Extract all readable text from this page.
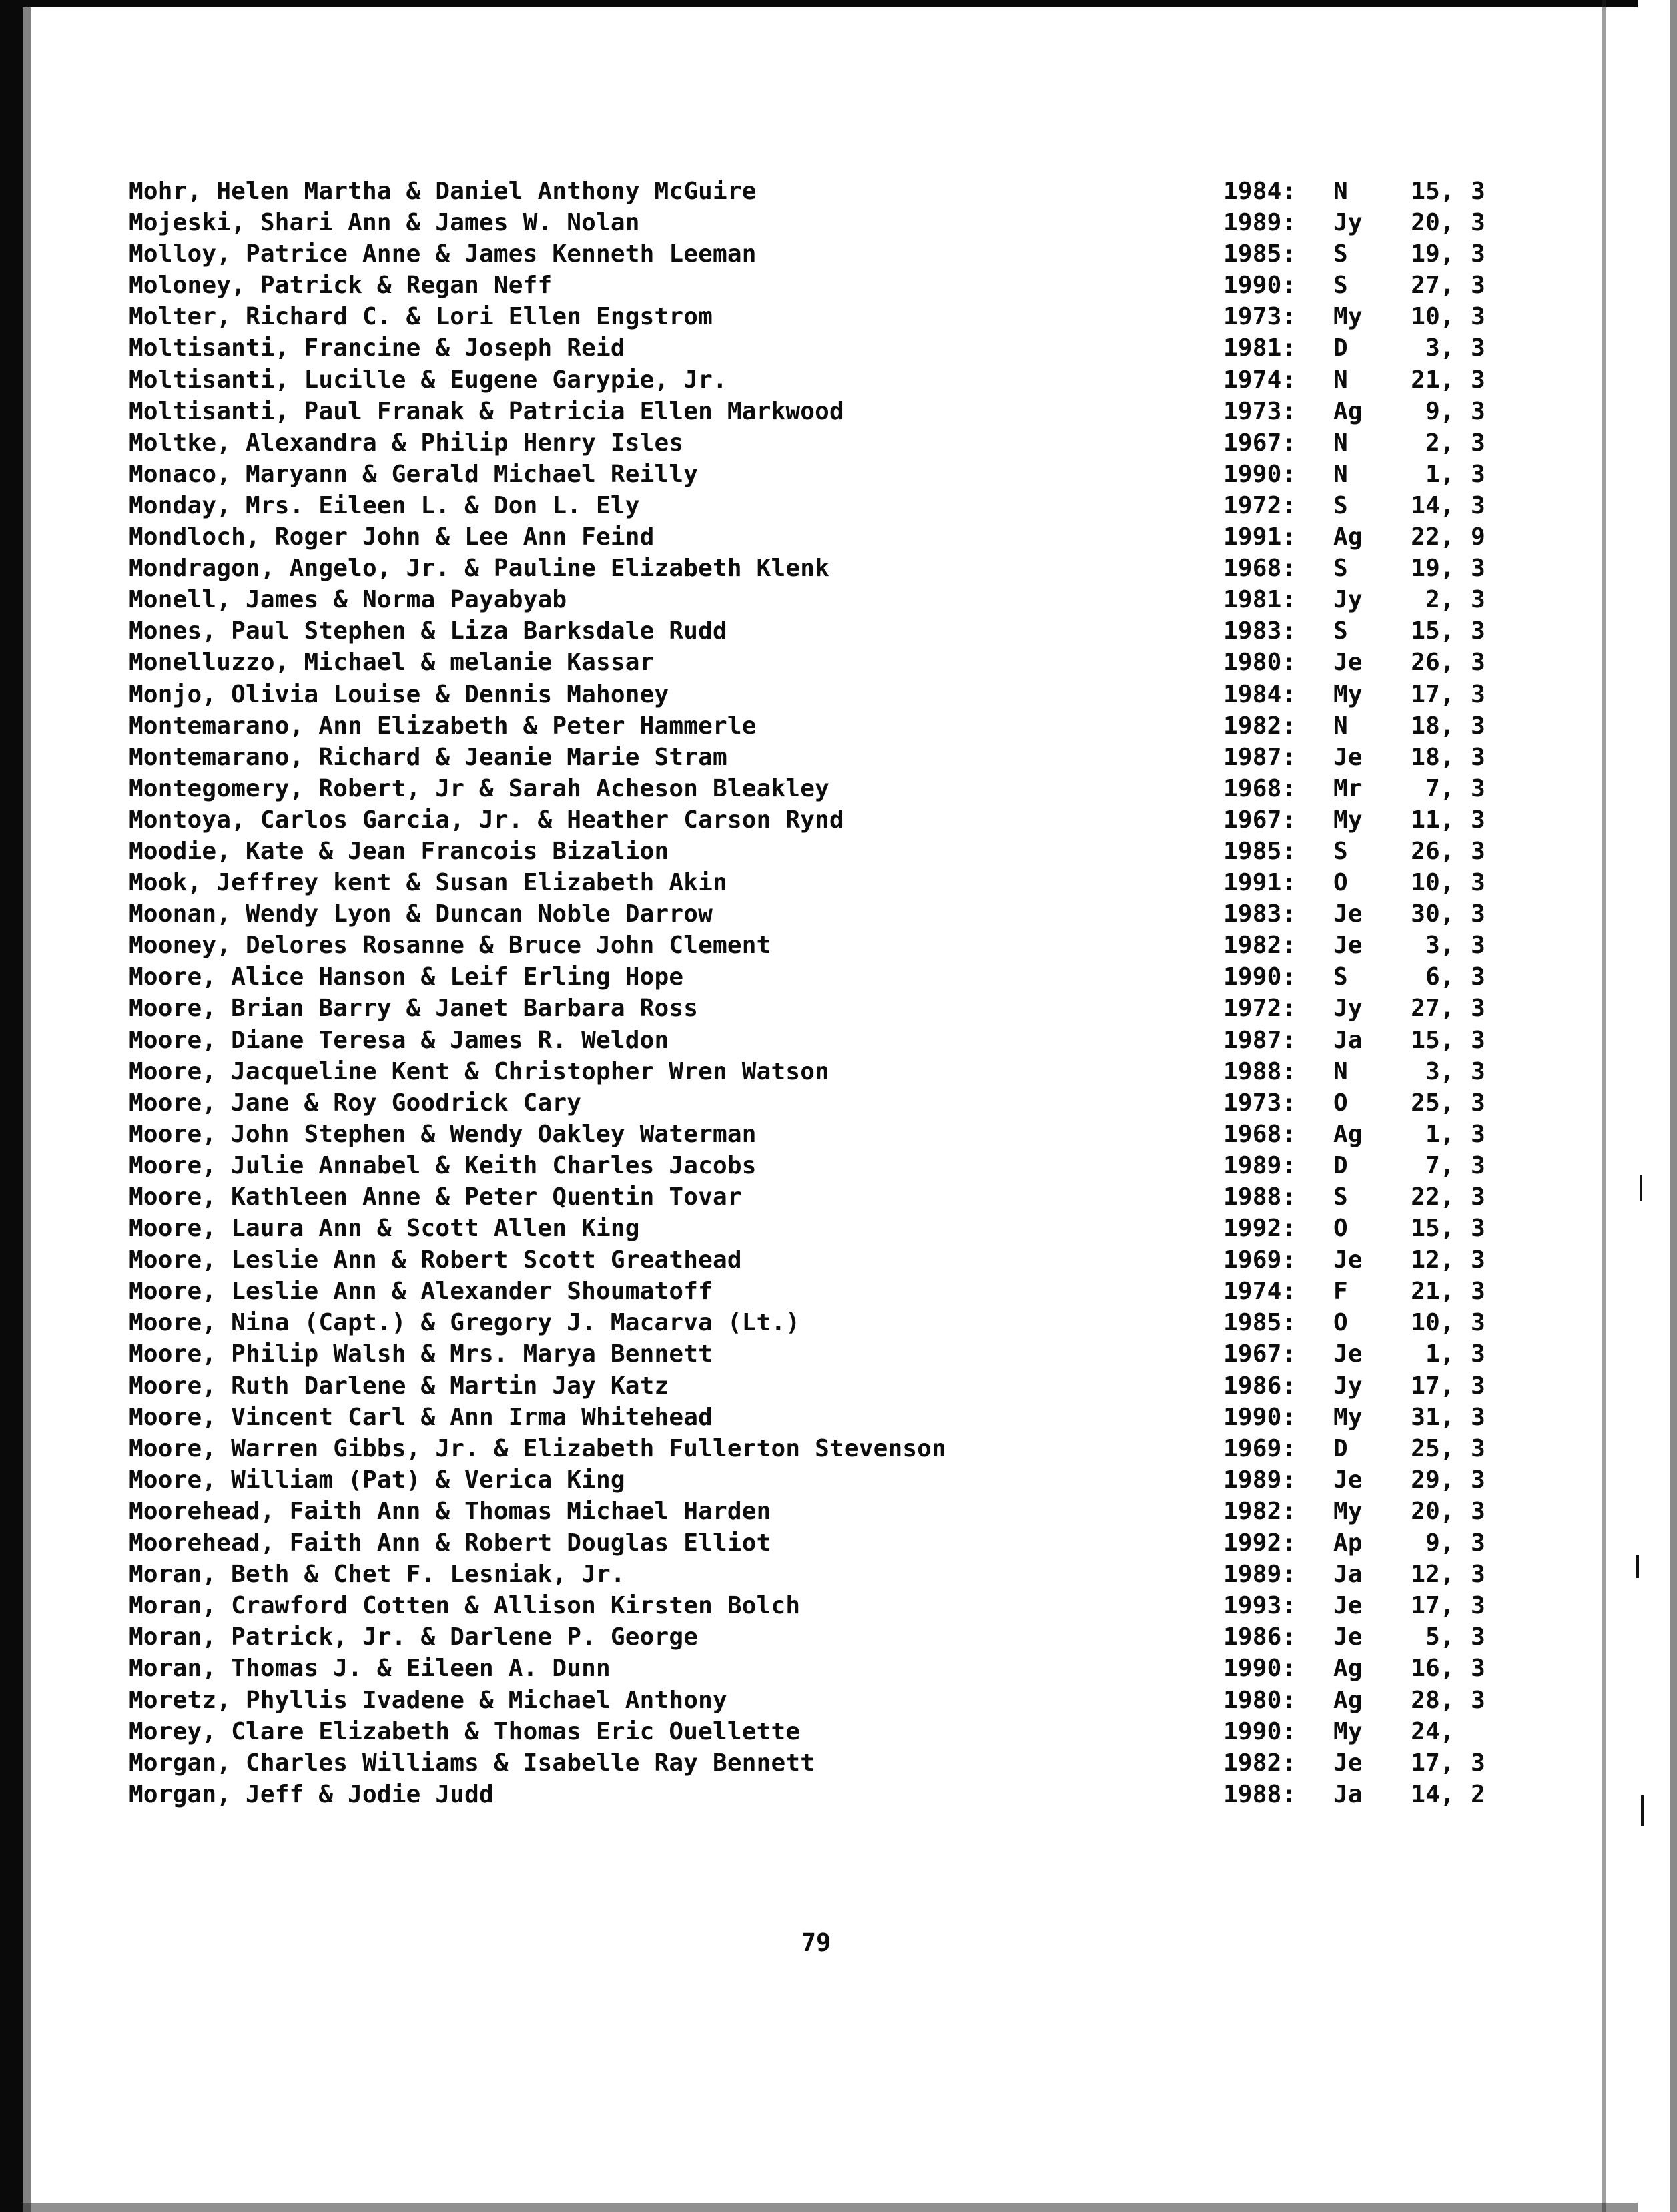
Mohr, Helen Martha & Daniel Anthony McGuire	1984:	N	15 , 3
Mojeski, Shari Ann & James W. Nolan	1989:	Jy	20 , 3
Molloy, Patrice Anne & James Kenneth Leeman	1985:	S	19 , 3
Moloney, Patrick & Regan Neff	1990:	S	27 , 3
Molter, Richard C. & Lori Ellen Engstrom	1973:	My	10 , 3
Moltisanti, Francine & Joseph Reid	1981:	D	3 , 3
Moltisanti, Lucille & Eugene Garypie, Jr.	1974:	N	21 , 3
Moltisanti, Paul Franak & Patricia Ellen Markwood	1973:	Ag	9 , 3
Moltke, Alexandra & Philip Henry Isles	1967:	N	2 , 3
Monaco, Maryann & Gerald Michael Reilly	1990:	N	1 , 3
Monday, Mrs. Eileen L. & Don L. Ely	1972:	S	14 , 3
Mondloch, Roger John & Lee Ann Feind	1991:	Ag	22 , 9
Mondragon, Angelo, Jr. & Pauline Elizabeth Klenk	1968:	S	19 , 3
Monell, James & Norma Payabyab	1981:	Jy	2 , 3
Mones, Paul Stephen & Liza Barksdale Rudd	1983:	S	15 , 3
Monelluzzo, Michael & melanie Kassar	1980:	Je	26 , 3
Monjo, Olivia Louise & Dennis Mahoney	1984:	My	17 , 3
Montemarano, Ann Elizabeth & Peter Hammerle	1982:	N	18 , 3
Montemarano, Richard & Jeanie Marie Stram	1987:	Je	18 , 3
Montegomery, Robert, Jr & Sarah Acheson Bleakley	1968:	Mr	7 , 3
Montoya, Carlos Garcia, Jr. & Heather Carson Rynd	1967:	My	11 , 3
Moodie, Kate & Jean Francois Bizalion	1985:	S	26 , 3
Mook, Jeffrey kent & Susan Elizabeth Akin	1991:	O	10 , 3
Moonan, Wendy Lyon & Duncan Noble Darrow	1983:	Je	30 , 3
Mooney, Delores Rosanne & Bruce John Clement	1982:	Je	3 , 3
Moore, Alice Hanson & Leif Erling Hope	1990:	S	6 , 3
Moore, Brian Barry & Janet Barbara Ross	1972:	Jy	27 , 3
Moore, Diane Teresa & James R. Weldon	1987:	Ja	15 , 3
Moore, Jacqueline Kent & Christopher Wren Watson	1988:	N	3 , 3
Moore, Jane & Roy Goodrick Cary	1973:	O	25 , 3
Moore, John Stephen & Wendy Oakley Waterman	1968:	Ag	1 , 3
Moore, Julie Annabel & Keith Charles Jacobs	1989:	D	7 , 3
Moore, Kathleen Anne & Peter Quentin Tovar	1988:	S	22 , 3
Moore, Laura Ann & Scott Allen King	1992:	O	15 , 3
Moore, Leslie Ann & Robert Scott Greathead	1969:	Je	12 , 3
Moore, Leslie Ann & Alexander Shoumatoff	1974:	F	21 , 3
Moore, Nina (Capt.) & Gregory J. Macarva (Lt.)	1985:	O	10 , 3
Moore, Philip Walsh & Mrs. Marya Bennett	1967:	Je	1 , 3
Moore, Ruth Darlene & Martin Jay Katz	1986:	Jy	17 , 3
Moore, Vincent Carl & Ann Irma Whitehead	1990:	My	31 , 3
Moore, Warren Gibbs, Jr. & Elizabeth Fullerton Stevenson	1969:	D	25 , 3
Moore, William (Pat) & Verica King	1989:	Je	29 , 3
Moorehead, Faith Ann & Thomas Michael Harden	1982:	My	20 , 3
Moorehead, Faith Ann & Robert Douglas Elliot	1992:	Ap	9 , 3
Moran, Beth & Chet F. Lesniak, Jr.	1989:	Ja	12 , 3
Moran, Crawford Cotten & Allison Kirsten Bolch	1993:	Je	17 , 3
Moran, Patrick, Jr. & Darlene P. George	1986:	Je	5 , 3
Moran, Thomas J. & Eileen A. Dunn	1990:	Ag	16 , 3
Moretz, Phyllis Ivadene & Michael Anthony	1980:	Ag	28 , 3
Morey, Clare Elizabeth & Thomas Eric Ouellette	1990:	My	24 ,
Morgan, Charles Williams & Isabelle Ray Bennett	1982:	Je	17 , 3
Morgan, Jeff & Jodie Judd	1988:	Ja	14 , 2
79
